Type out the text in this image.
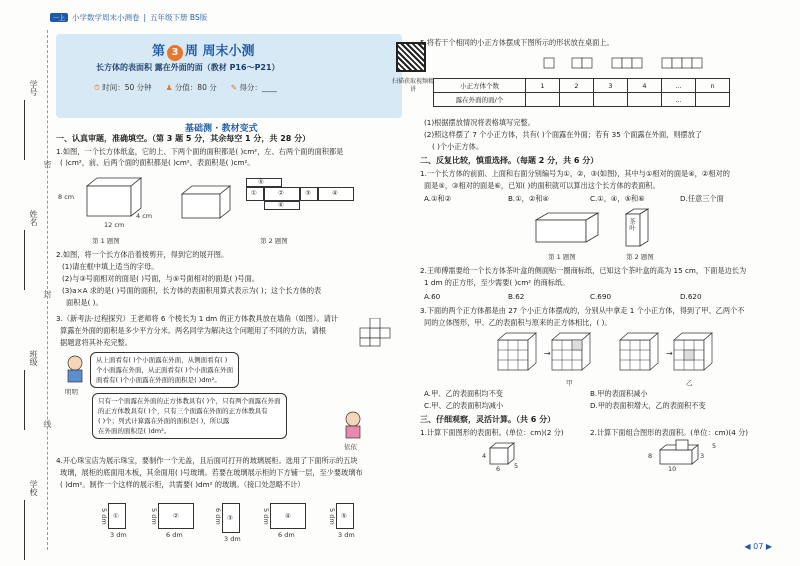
学号
姓名
班级
学校
密
封
线
一上 小学数学周末小测卷 | 五年级下册 BS版
第 3 周 周末小测
长方体的表面积 露在外面的面（教材 P16～P21）
⏱ 时间：50 分钟 ♟ 分值：80 分 ✎ 得分：____
扫描获取视频精讲
基础测 · 教材变式
一、认真审题，准确填空。（第 3 题 5 分，其余每空 1 分，共 28 分）
1.如图，一个长方体纸盒，它的上、下两个面的面积都是( )cm²，左、右两个面的面积都是
( )cm²，前、后两个面的面积都是( )cm²，表面积是( )cm²。
8 cm
12 cm
4 cm
第 1 题图
⑤
①	②	③	④
⑥
第 2 题图
2.如图，将一个长方体沿着棱剪开，得到它的展开图。
(1)请在框中填上适当的字母。
(2)与③号面相对的面是( )号面，与⑤号面相对的面是( )号面。
(3)a×A 求的是( )号面的面积，长方体的表面积用算式表示为( )；这个长方体的表
面积是( )。
3.（新考法·过程探究）王老师将 6 个棱长为 1 dm 的正方体教具放在墙角（如图）。请计
算露在外面的面积是多少平方分米。两名同学为解决这个问题用了不同的方法，请根
据题意将其补充完整。
明明
从上面看有( )个小面露在外面，从侧面看有( )
个小面露在外面，从正面看有( )个小面露在外面
面看有( )个小面露在外面的面积是( )dm²。
只有一个面露在外面的正方体教具有( )个，只有两个面露在外面
的正方体教具有( )个，只有三个面露在外面的正方体教具有
( )个；列式计算露在外面的面积是( )，所以露
在外面的面积是( )dm²。
依依
4.开心珠宝店为展示珠宝，要制作一个无盖，且后面可打开的玻璃展柜。选用了下面所示的五块
玻璃，展柜的底面用木板，其余面用( )号玻璃。若要在玻璃展示柜的下方铺一层，至少要玻璃布
( )dm²。制作一个这样的展示柜，共需要( )dm² 的玻璃。（接口处忽略不计）
5 dm
3 dm
①	5 dm
6 dm
②	6 dm
3 dm
③	5 dm
6 dm
④	5 dm
3 dm
⑤
5.将若干个相同的小正方体摆成下图所示的形状放在桌面上。
小正方体个数	1	2	3	4	…	n
露在外面的面/个					…	
(1)根据摆放情况将表格填写完整。
(2)照这样摆了 7 个小正方体，共有( )个面露在外面；若有 35 个面露在外面，则摆放了
( )个小正方体。
二、反复比较，慎重选择。（每题 2 分，共 6 分）
1.一个长方体的前面、上面和右面分别编号为①，②，③(如图)，其中与①相对的面是④，②相对的
面是⑤，③相对的面是⑥，已知( )的面积就可以算出这个长方体的表面积。
A.①和②	B.①，②和④	C.①，④，⑤和⑥	D.任意三个面
茶叶
第 1 题图	第 2 题图
2.王师傅需要给一个长方体茶叶盒的侧面贴一圈商标纸，已知这个茶叶盒的高为 15 cm，下面是边长为
1 dm 的正方形，至少需要( )cm² 的商标纸。
A.60	B.62	C.690	D.620
3.下面的两个正方体都是由 27 个小正方体摆成的，分别从中拿走 1 个小正方体，得到了甲、乙两个不
同的立体图形，甲、乙的表面积与原来的正方体相比，( )。
→
甲
→
乙
A.甲、乙的表面积均不变	B.甲的表面积减小
C.甲、乙的表面积均减小	D.甲的表面积增大，乙的表面积不变
三、仔细观察，灵活计算。（共 6 分）
1.计算下面图形的表面积。(单位：cm)(2 分)	2.计算下面组合图形的表面积。(单位：cm)(4 分)
4
6 5	10
3
5
8
◀ 07 ▶
